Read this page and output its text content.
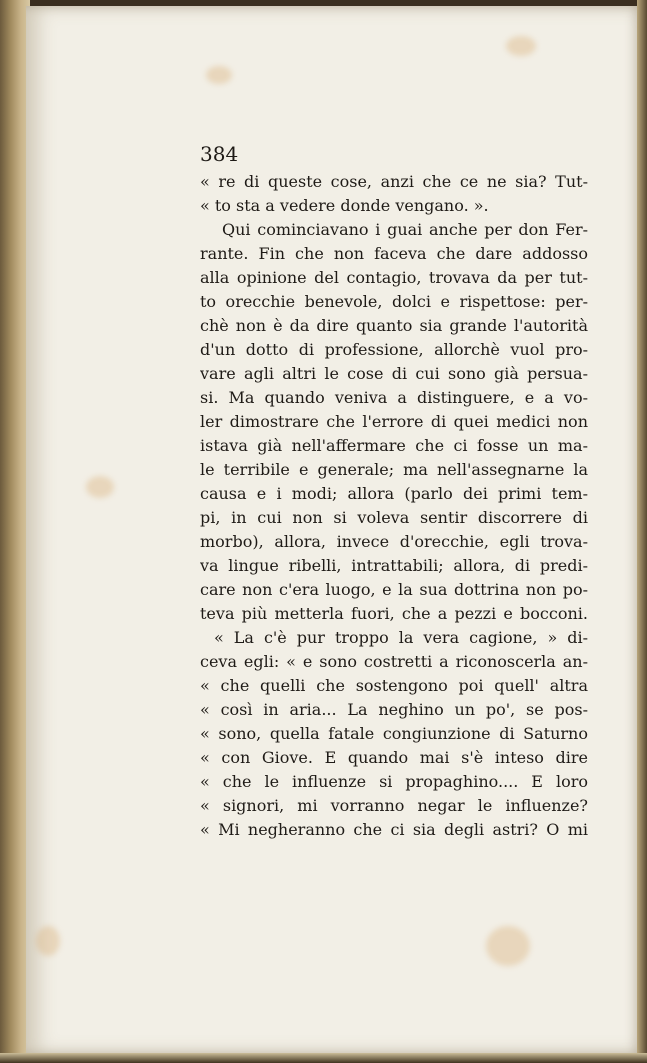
384
« re di queste cose, anzi che ce ne sia? Tut-
« to sta a vedere donde vengano. ».
Qui cominciavano i guai anche per don Fer-
rante. Fin che non faceva che dare addosso
alla opinione del contagio, trovava da per tut-
to orecchie benevole, dolci e rispettose: per-
chè non è da dire quanto sia grande l'autorità
d'un dotto di professione, allorchè vuol pro-
vare agli altri le cose di cui sono già persua-
si. Ma quando veniva a distinguere, e a vo-
ler dimostrare che l'errore di quei medici non
istava già nell'affermare che ci fosse un ma-
le terribile e generale; ma nell'assegnarne la
causa e i modi; allora (parlo dei primi tem-
pi, in cui non si voleva sentir discorrere di
morbo), allora, invece d'orecchie, egli trova-
va lingue ribelli, intrattabili; allora, di predi-
care non c'era luogo, e la sua dottrina non po-
teva più metterla fuori, che a pezzi e bocconi.
« La c'è pur troppo la vera cagione, » di-
ceva egli: « e sono costretti a riconoscerla an-
« che quelli che sostengono poi quell' altra
« così in aria... La neghino un po', se pos-
« sono, quella fatale congiunzione di Saturno
« con Giove. E quando mai s'è inteso dire
« che le influenze si propaghino.... E loro
« signori, mi vorranno negar le influenze?
« Mi negheranno che ci sia degli astri? O mi
